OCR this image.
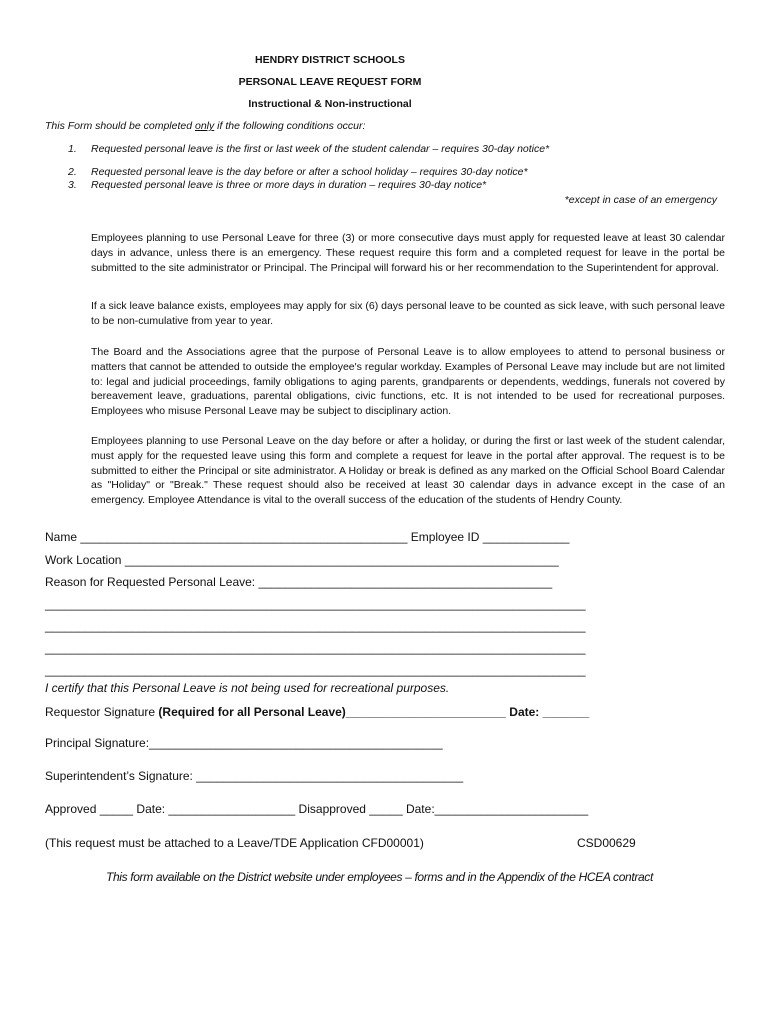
HENDRY DISTRICT SCHOOLS
PERSONAL LEAVE REQUEST FORM
Instructional & Non-instructional
This Form should be completed only if the following conditions occur:
1. Requested personal leave is the first or last week of the student calendar – requires 30-day notice*
2. Requested personal leave is the day before or after a school holiday – requires 30-day notice*
3. Requested personal leave is three or more days in duration – requires 30-day notice*
*except in case of an emergency
Employees planning to use Personal Leave for three (3) or more consecutive days must apply for requested leave at least 30 calendar days in advance, unless there is an emergency. These request require this form and a completed request for leave in the portal be submitted to the site administrator or Principal. The Principal will forward his or her recommendation to the Superintendent for approval.
If a sick leave balance exists, employees may apply for six (6) days personal leave to be counted as sick leave, with such personal leave to be non-cumulative from year to year.
The Board and the Associations agree that the purpose of Personal Leave is to allow employees to attend to personal business or matters that cannot be attended to outside the employee's regular workday. Examples of Personal Leave may include but are not limited to: legal and judicial proceedings, family obligations to aging parents, grandparents or dependents, weddings, funerals not covered by bereavement leave, graduations, parental obligations, civic functions, etc. It is not intended to be used for recreational purposes. Employees who misuse Personal Leave may be subject to disciplinary action.
Employees planning to use Personal Leave on the day before or after a holiday, or during the first or last week of the student calendar, must apply for the requested leave using this form and complete a request for leave in the portal after approval. The request is to be submitted to either the Principal or site administrator. A Holiday or break is defined as any marked on the Official School Board Calendar as "Holiday" or "Break." These request should also be received at least 30 calendar days in advance except in the case of an emergency. Employee Attendance is vital to the overall success of the education of the students of Hendry County.
Name _________________________________________________ Employee ID _____________
Work Location _________________________________________________________________
Reason for Requested Personal Leave: ____________________________________________
_________________________________________________________________________________
_________________________________________________________________________________
_________________________________________________________________________________
_________________________________________________________________________________
I certify that this Personal Leave is not being used for recreational purposes.
Requestor Signature (Required for all Personal Leave)________________________ Date: _______
Principal Signature:____________________________________________
Superintendent’s Signature: ________________________________________
Approved _____ Date: ___________________ Disapproved _____ Date:_______________________
(This request must be attached to a Leave/TDE Application CFD00001)	CSD00629
This form available on the District website under employees – forms and in the Appendix of the HCEA contract
